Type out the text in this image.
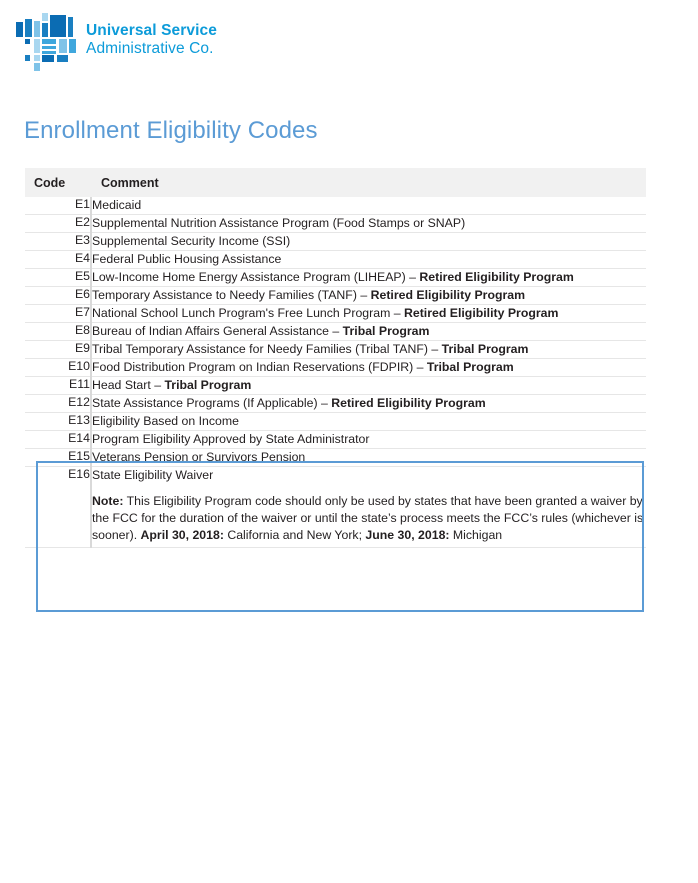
Universal Service
Administrative Co.
Enrollment Eligibility Codes
Code	Comment
E1	Medicaid
E2	Supplemental Nutrition Assistance Program (Food Stamps or SNAP)
E3	Supplemental Security Income (SSI)
E4	Federal Public Housing Assistance
E5	Low-Income Home Energy Assistance Program (LIHEAP) – Retired Eligibility Program
E6	Temporary Assistance to Needy Families (TANF) – Retired Eligibility Program
E7	National School Lunch Program's Free Lunch Program – Retired Eligibility Program
E8	Bureau of Indian Affairs General Assistance – Tribal Program
E9	Tribal Temporary Assistance for Needy Families (Tribal TANF) – Tribal Program
E10	Food Distribution Program on Indian Reservations (FDPIR) – Tribal Program
E11	Head Start – Tribal Program
E12	State Assistance Programs (If Applicable) – Retired Eligibility Program
E13	Eligibility Based on Income
E14	Program Eligibility Approved by State Administrator
E15	Veterans Pension or Survivors Pension
E16	State Eligibility Waiver
Note: This Eligibility Program code should only be used by states that have been granted a waiver by the FCC for the duration of the waiver or until the state’s process meets the FCC’s rules (whichever is sooner). April 30, 2018: California and New York; June 30, 2018: Michigan
